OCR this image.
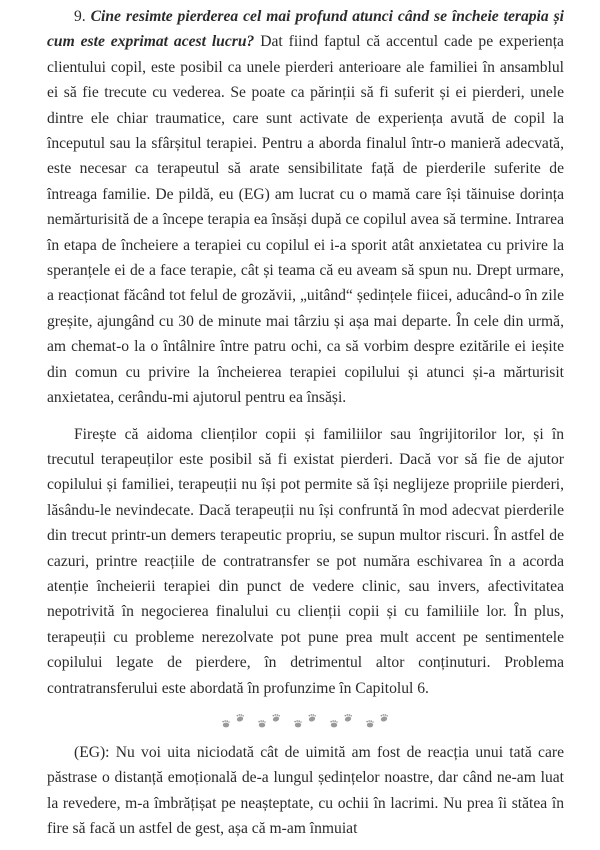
9. Cine resimte pierderea cel mai profund atunci când se încheie terapia și cum este exprimat acest lucru? Dat fiind faptul că accentul cade pe experiența clientului copil, este posibil ca unele pierderi anterioare ale familiei în ansamblul ei să fie trecute cu vederea. Se poate ca părinții să fi suferit și ei pierderi, unele dintre ele chiar traumatice, care sunt activate de experiența avută de copil la începutul sau la sfârșitul terapiei. Pentru a aborda finalul într-o manieră adecvată, este necesar ca terapeutul să arate sensibilitate față de pierderile suferite de întreaga familie. De pildă, eu (EG) am lucrat cu o mamă care își tăinuise dorința nemărturisită de a începe terapia ea însăși după ce copilul avea să termine. Intrarea în etapa de încheiere a terapiei cu copilul ei i-a sporit atât anxietatea cu privire la speranțele ei de a face terapie, cât și teama că eu aveam să spun nu. Drept urmare, a reacționat făcând tot felul de grozăvii, „uitând“ ședințele fiicei, aducând-o în zile greșite, ajungând cu 30 de minute mai târziu și așa mai departe. În cele din urmă, am chemat-o la o întâlnire între patru ochi, ca să vorbim despre ezitările ei ieșite din comun cu privire la încheierea terapiei copilului și atunci și-a mărturisit anxietatea, cerându-mi ajutorul pentru ea însăși.

Firește că aidoma clienților copii și familiilor sau îngrijitorilor lor, și în trecutul terapeuților este posibil să fi existat pierderi. Dacă vor să fie de ajutor copilului și familiei, terapeuții nu își pot permite să își neglijeze propriile pierderi, lăsându-le nevindecate. Dacă terapeuții nu își confruntă în mod adecvat pierderile din trecut printr-un demers terapeutic propriu, se supun multor riscuri. În astfel de cazuri, printre reacțiile de contratransfer se pot număra eschivarea în a acorda atenție încheierii terapiei din punct de vedere clinic, sau invers, afectivitatea nepotrivită în negocierea finalului cu clienții copii și cu familiile lor. În plus, terapeuții cu probleme nerezolvate pot pune prea mult accent pe sentimentele copilului legate de pierdere, în detrimentul altor conținuturi. Problema contratransferului este abordată în profunzime în Capitolul 6.

(EG): Nu voi uita niciodată cât de uimită am fost de reacția unui tată care păstrase o distanță emoțională de-a lungul ședințelor noastre, dar când ne-am luat la revedere, m-a îmbrățișat pe neașteptate, cu ochii în lacrimi. Nu prea îi stătea în fire să facă un astfel de gest, așa că m-am înmuiat
